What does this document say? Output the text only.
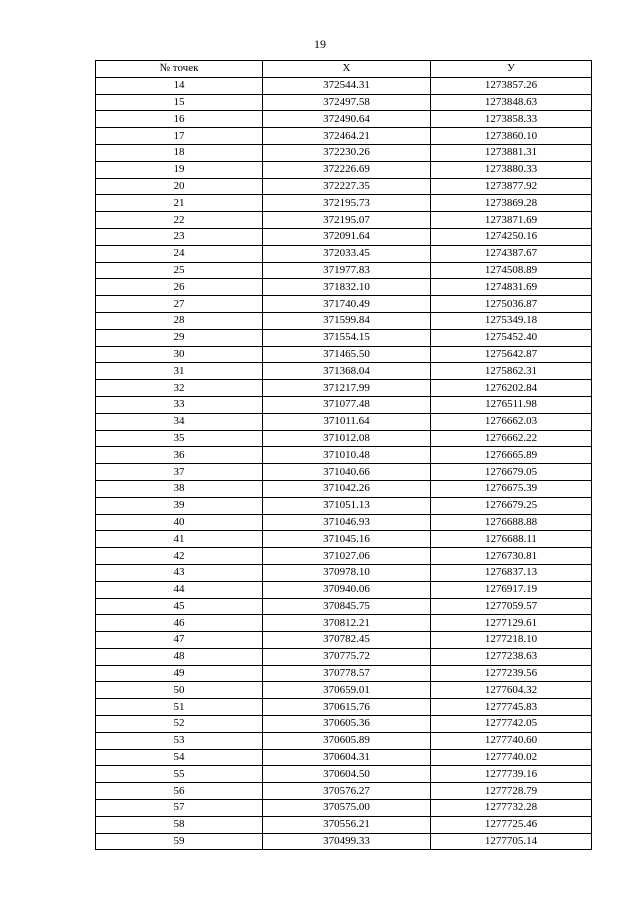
19
№ точек	Х	У
14	372544.31	1273857.26
15	372497.58	1273848.63
16	372490.64	1273858.33
17	372464.21	1273860.10
18	372230.26	1273881.31
19	372226.69	1273880.33
20	372227.35	1273877.92
21	372195.73	1273869.28
22	372195.07	1273871.69
23	372091.64	1274250.16
24	372033.45	1274387.67
25	371977.83	1274508.89
26	371832.10	1274831.69
27	371740.49	1275036.87
28	371599.84	1275349.18
29	371554.15	1275452.40
30	371465.50	1275642.87
31	371368.04	1275862.31
32	371217.99	1276202.84
33	371077.48	1276511.98
34	371011.64	1276662.03
35	371012.08	1276662.22
36	371010.48	1276665.89
37	371040.66	1276679.05
38	371042.26	1276675.39
39	371051.13	1276679.25
40	371046.93	1276688.88
41	371045.16	1276688.11
42	371027.06	1276730.81
43	370978.10	1276837.13
44	370940.06	1276917.19
45	370845.75	1277059.57
46	370812.21	1277129.61
47	370782.45	1277218.10
48	370775.72	1277238.63
49	370778.57	1277239.56
50	370659.01	1277604.32
51	370615.76	1277745.83
52	370605.36	1277742.05
53	370605.89	1277740.60
54	370604.31	1277740.02
55	370604.50	1277739.16
56	370576.27	1277728.79
57	370575.00	1277732.28
58	370556.21	1277725.46
59	370499.33	1277705.14
